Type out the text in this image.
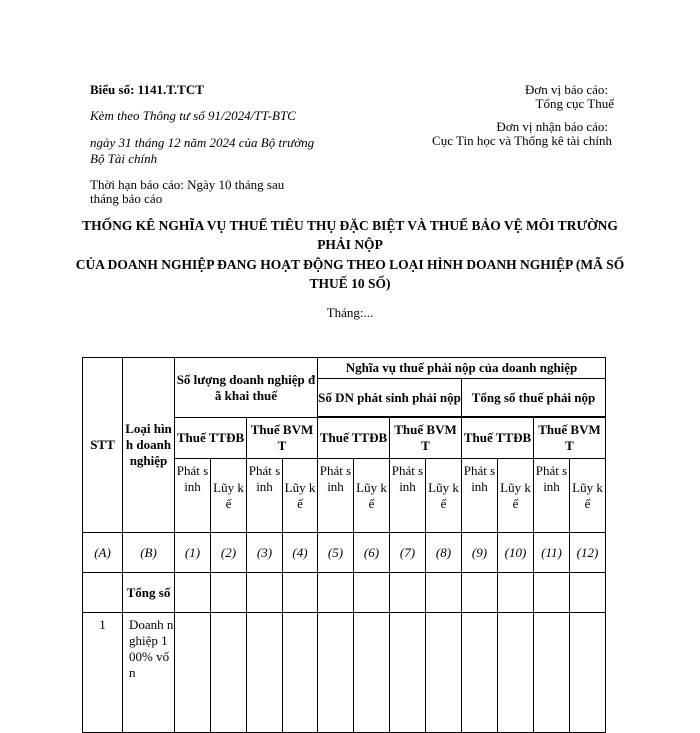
Biểu số: 1141.T.TCT
Kèm theo Thông tư số 91/2024/TT-BTC
ngày 31 tháng 12 năm 2024 của Bộ trưởng
Bộ Tài chính
Thời hạn báo cáo: Ngày 10 tháng sau
tháng báo cáo
Đơn vị báo cáo:
Tổng cục Thuế
Đơn vị nhận báo cáo:
Cục Tin học và Thống kê tài chính
THỐNG KÊ NGHĨA VỤ THUẾ TIÊU THỤ ĐẶC BIỆT VÀ THUẾ BẢO VỆ MÔI TRƯỜNG PHẢI NỘP
CỦA DOANH NGHIỆP ĐANG HOẠT ĐỘNG THEO LOẠI HÌNH DOANH NGHIỆP (MÃ SỐ THUẾ 10 SỐ)
Tháng:...
STT	Loại hình doanh nghiệp	Số lượng doanh nghiệp đã khai thuế				Nghĩa vụ thuế phải nộp của doanh nghiệp							
						Số DN phát sinh phải nộp				Tổng số thuế phải nộp			

		Thuế TTĐB		Thuế BVMT		Thuế TTĐB		Thuế BVMT		Thuế TTĐB		Thuế BVMT	
		Phát sinh	Lũy kế	Phát sinh	Lũy kế	Phát sinh	Lũy kế	Phát sinh	Lũy kế	Phát sinh	Lũy kế	Phát sinh	Lũy kế
(A)	(B)	(1)	(2)	(3)	(4)	(5)	(6)	(7)	(8)	(9)	(10)	(11)	(12)
	Tổng số												
1	Doanh nghiệp 100% vốn												
